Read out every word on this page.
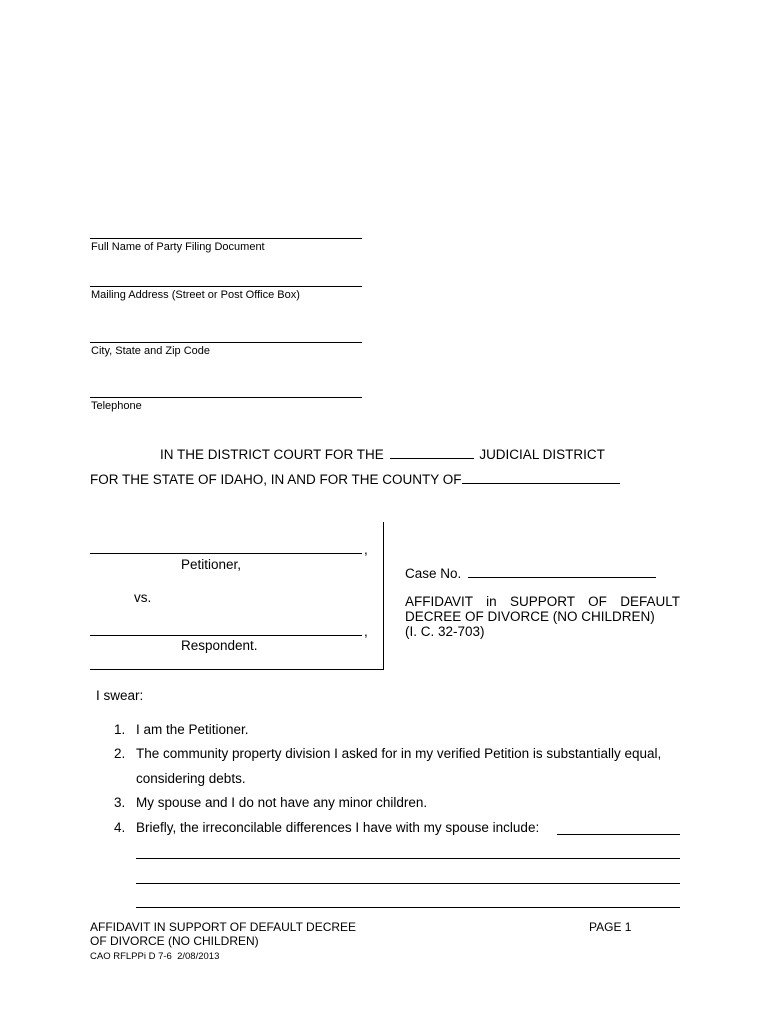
Full Name of Party Filing Document
Mailing Address (Street or Post Office Box)
City, State and Zip Code
Telephone
IN THE DISTRICT COURT FOR THE	JUDICIAL DISTRICT
FOR THE STATE OF IDAHO, IN AND FOR THE COUNTY OF
,
Petitioner,
vs.
,
Respondent.
Case No.
AFFIDAVIT in SUPPORT OF DEFAULT
DECREE OF DIVORCE (NO CHILDREN)
(I. C. 32-703)
I swear:
1. I am the Petitioner.
2. The community property division I asked for in my verified Petition is substantially equal,
considering debts.
3. My spouse and I do not have any minor children.
4. Briefly, the irreconcilable differences I have with my spouse include:
AFFIDAVIT IN SUPPORT OF DEFAULT DECREE
OF DIVORCE (NO CHILDREN)
PAGE 1
CAO RFLPPi D 7-6  2/08/2013
